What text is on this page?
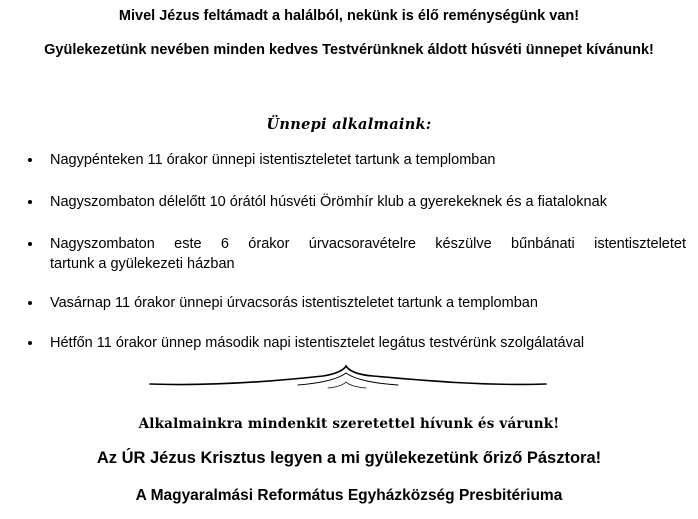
Mivel Jézus feltámadt a halálból, nekünk is élő reménységünk van!
Gyülekezetünk nevében minden kedves Testvérünknek áldott húsvéti ünnepet kívánunk!
Ünnepi alkalmaink:
Nagypénteken 11 órakor ünnepi istentiszteletet tartunk a templomban
Nagyszombaton délelőtt 10 órától húsvéti Örömhír klub a gyerekeknek és a fiataloknak
Nagyszombaton este 6 órakor úrvacsoravételre készülve bűnbánati istentiszteletet
tartunk a gyülekezeti házban
Vasárnap 11 órakor ünnepi úrvacsorás istentiszteletet tartunk a templomban
Hétfőn 11 órakor ünnep második napi istentisztelet legátus testvérünk szolgálatával
Alkalmainkra mindenkit szeretettel hívunk és várunk!
Az ÚR Jézus Krisztus legyen a mi gyülekezetünk őriző Pásztora!
A Magyaralmási Református Egyházközség Presbitériuma
